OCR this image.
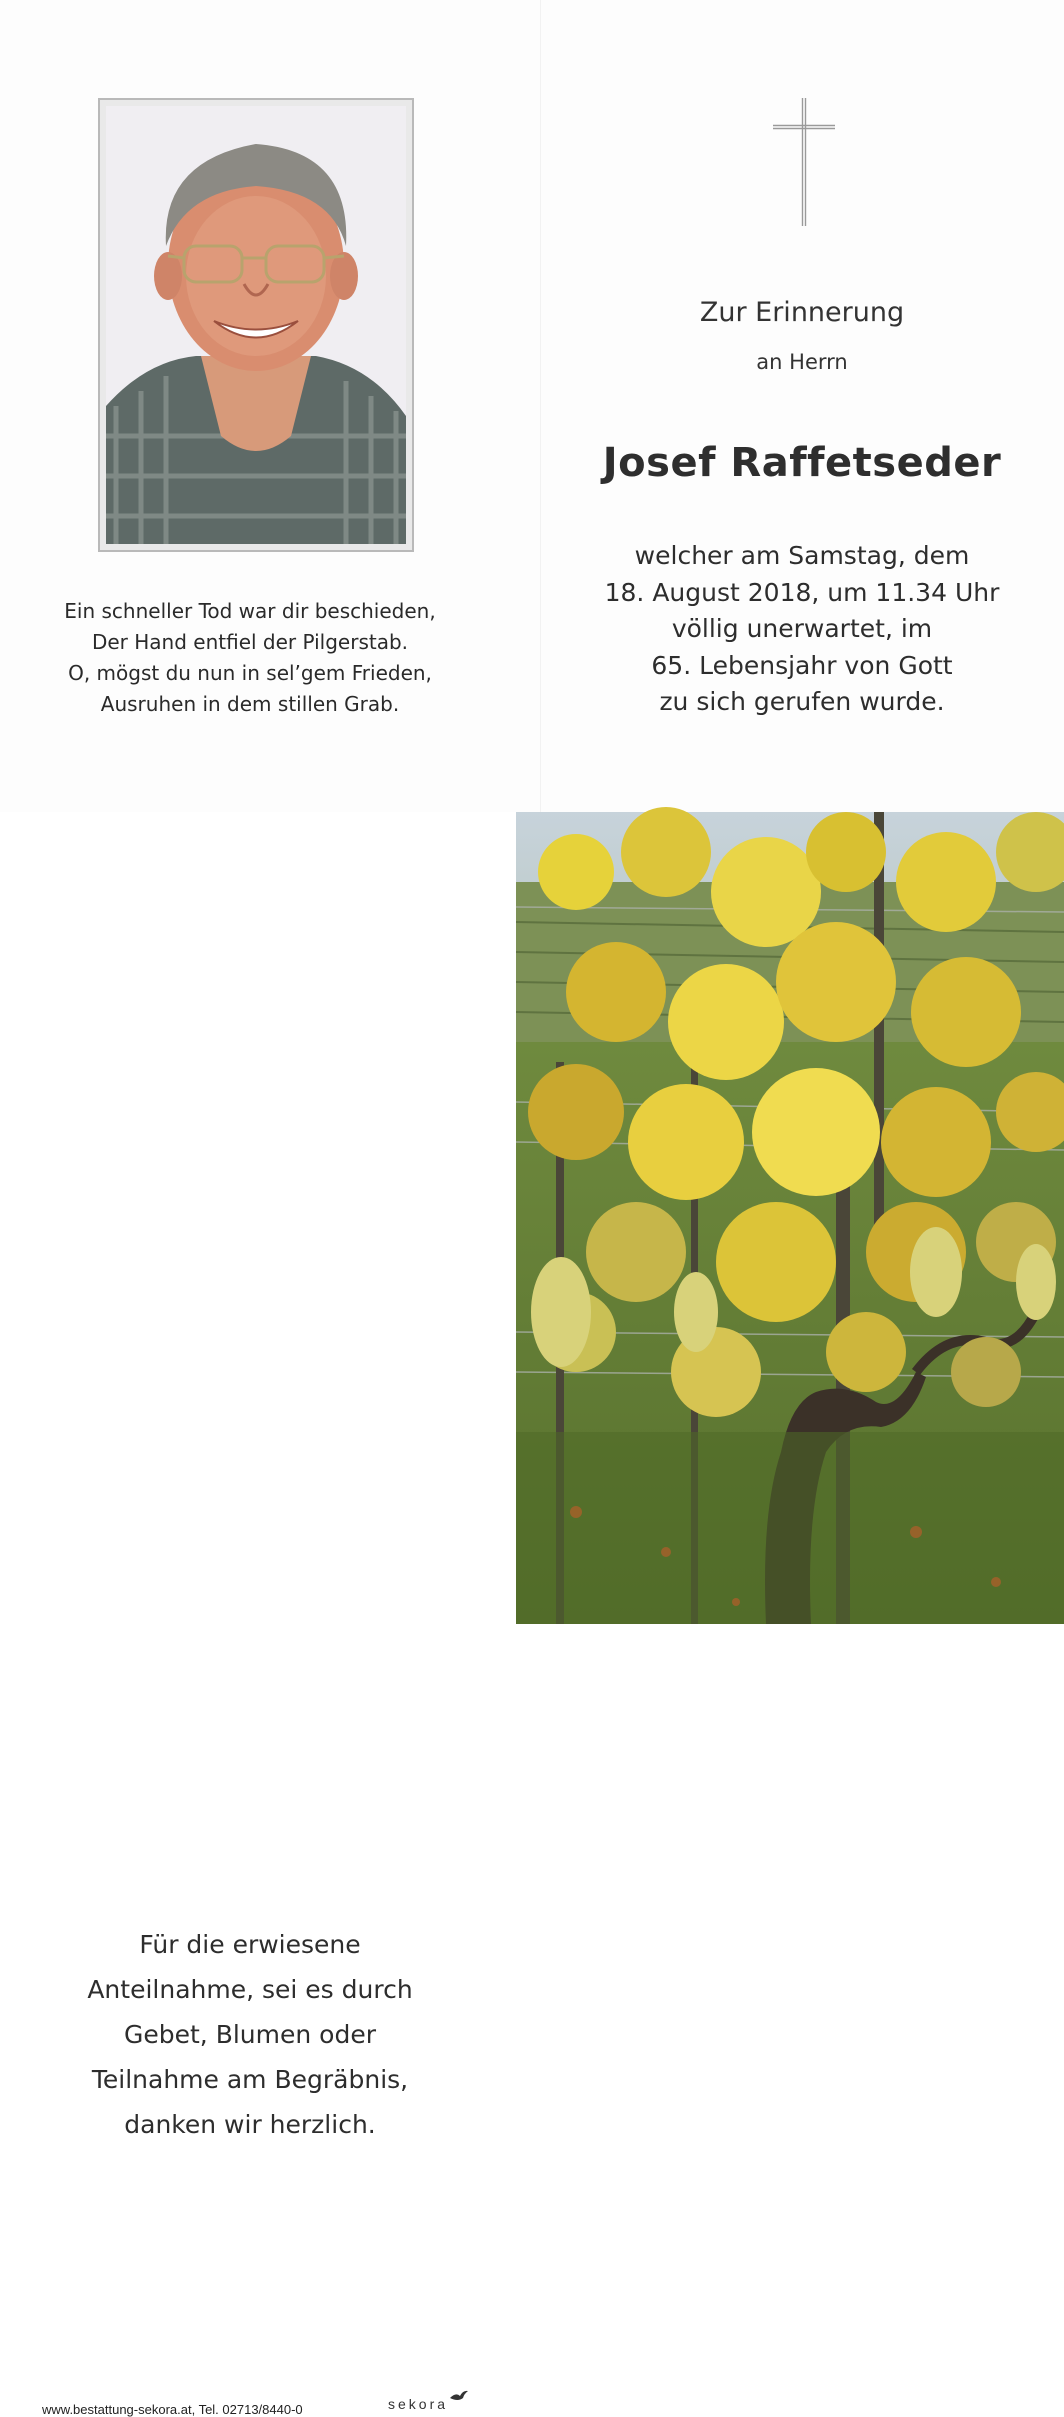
Ein schneller Tod war dir beschieden,
Der Hand entfiel der Pilgerstab.
O, mögst du nun in sel’gem Frieden,
Ausruhen in dem stillen Grab.
Zur Erinnerung
an Herrn
Josef Raffetseder
welcher am Samstag, dem
18. August 2018, um 11.34 Uhr
völlig unerwartet, im
65. Lebensjahr von Gott
zu sich gerufen wurde.
Für die erwiesene
Anteilnahme, sei es durch
Gebet, Blumen oder
Teilnahme am Begräbnis,
danken wir herzlich.
www.bestattung-sekora.at, Tel. 02713/8440-0	sekora
